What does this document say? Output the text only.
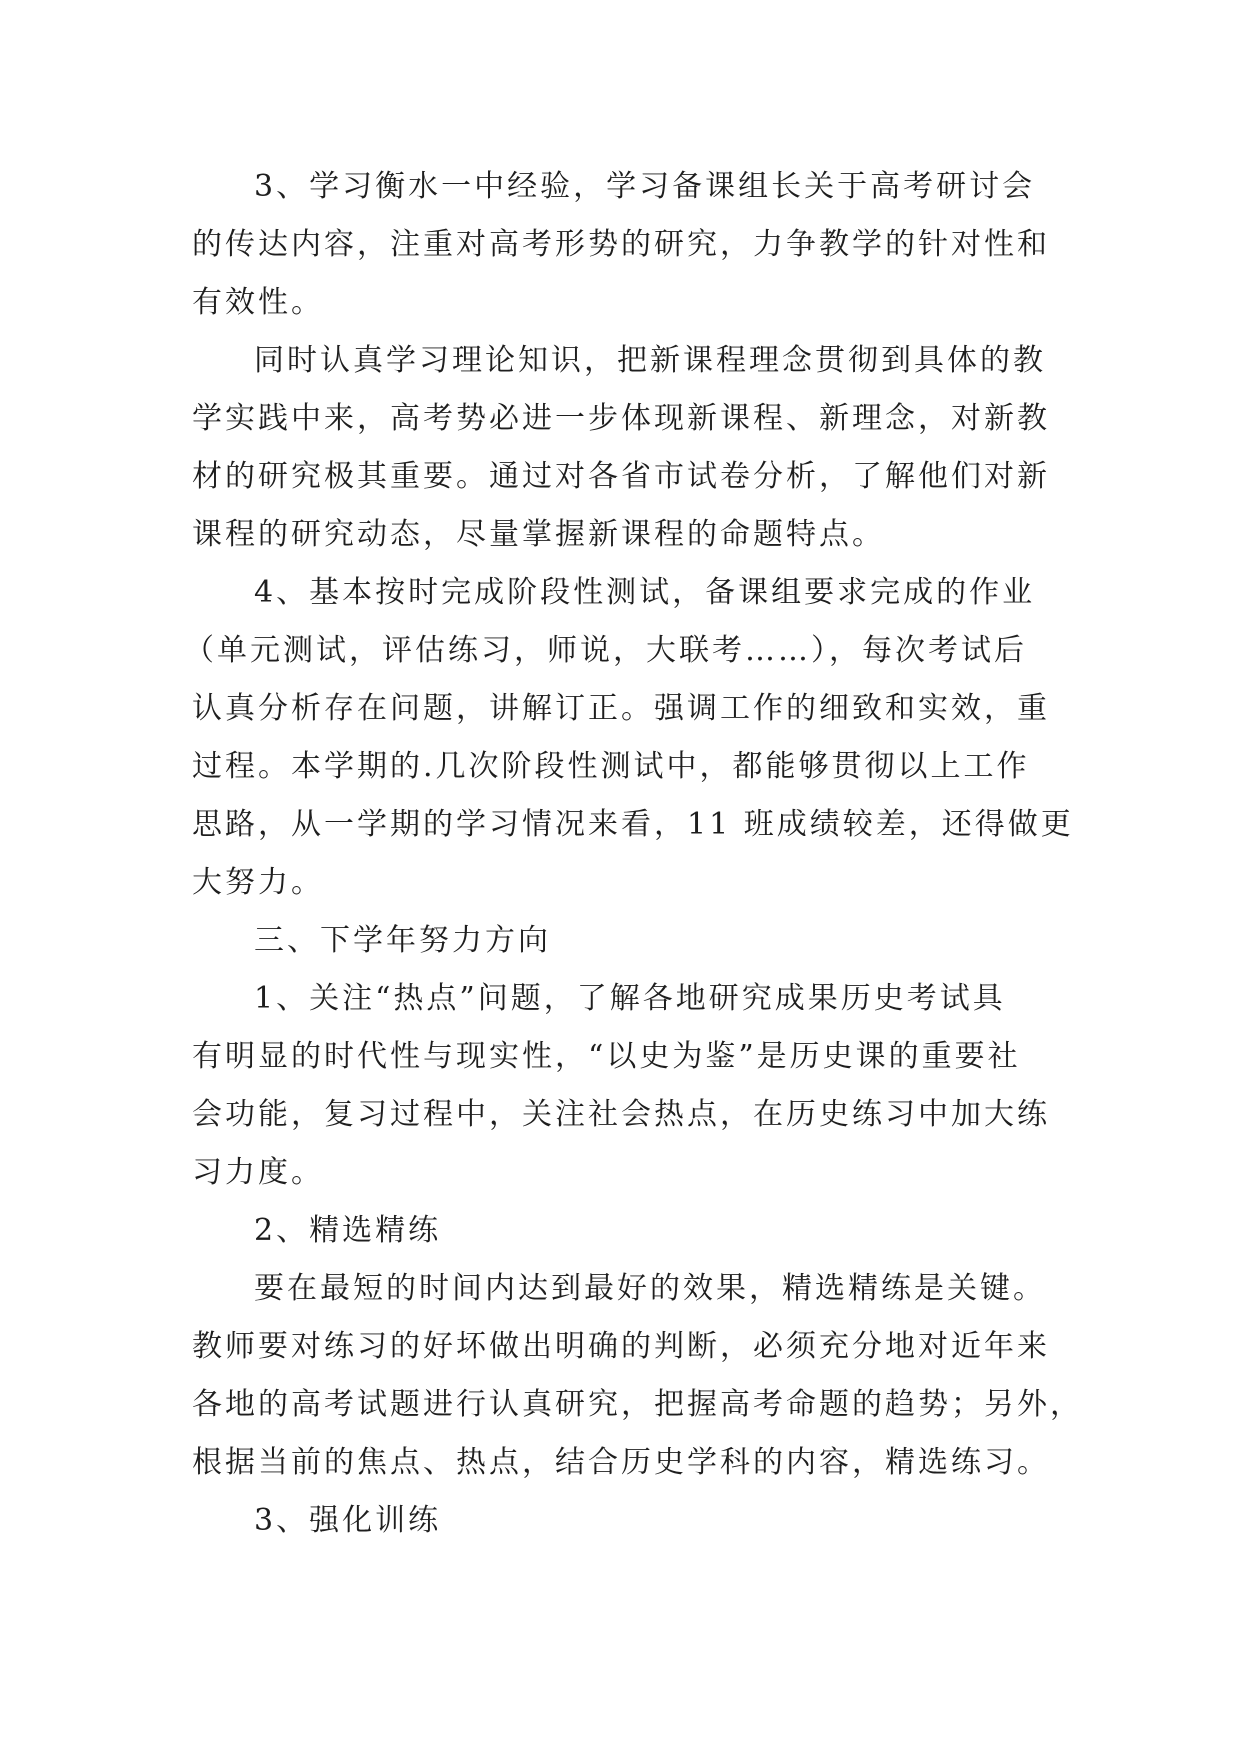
3、学习衡水一中经验，学习备课组长关于高考研讨会
的传达内容，注重对高考形势的研究，力争教学的针对性和
有效性。
同时认真学习理论知识，把新课程理念贯彻到具体的教
学实践中来，高考势必进一步体现新课程、新理念，对新教
材的研究极其重要。通过对各省市试卷分析，了解他们对新
课程的研究动态，尽量掌握新课程的命题特点。
4、基本按时完成阶段性测试，备课组要求完成的作业
（单元测试，评估练习，师说，大联考……），每次考试后
认真分析存在问题，讲解订正。强调工作的细致和实效，重
过程。本学期的.几次阶段性测试中，都能够贯彻以上工作
思路，从一学期的学习情况来看，11 班成绩较差，还得做更
大努力。
三、下学年努力方向
1、关注“热点”问题，了解各地研究成果历史考试具
有明显的时代性与现实性，“以史为鉴”是历史课的重要社
会功能，复习过程中，关注社会热点，在历史练习中加大练
习力度。
2、精选精练
要在最短的时间内达到最好的效果，精选精练是关键。
教师要对练习的好坏做出明确的判断，必须充分地对近年来
各地的高考试题进行认真研究，把握高考命题的趋势；另外，
根据当前的焦点、热点，结合历史学科的内容，精选练习。
3、强化训练
